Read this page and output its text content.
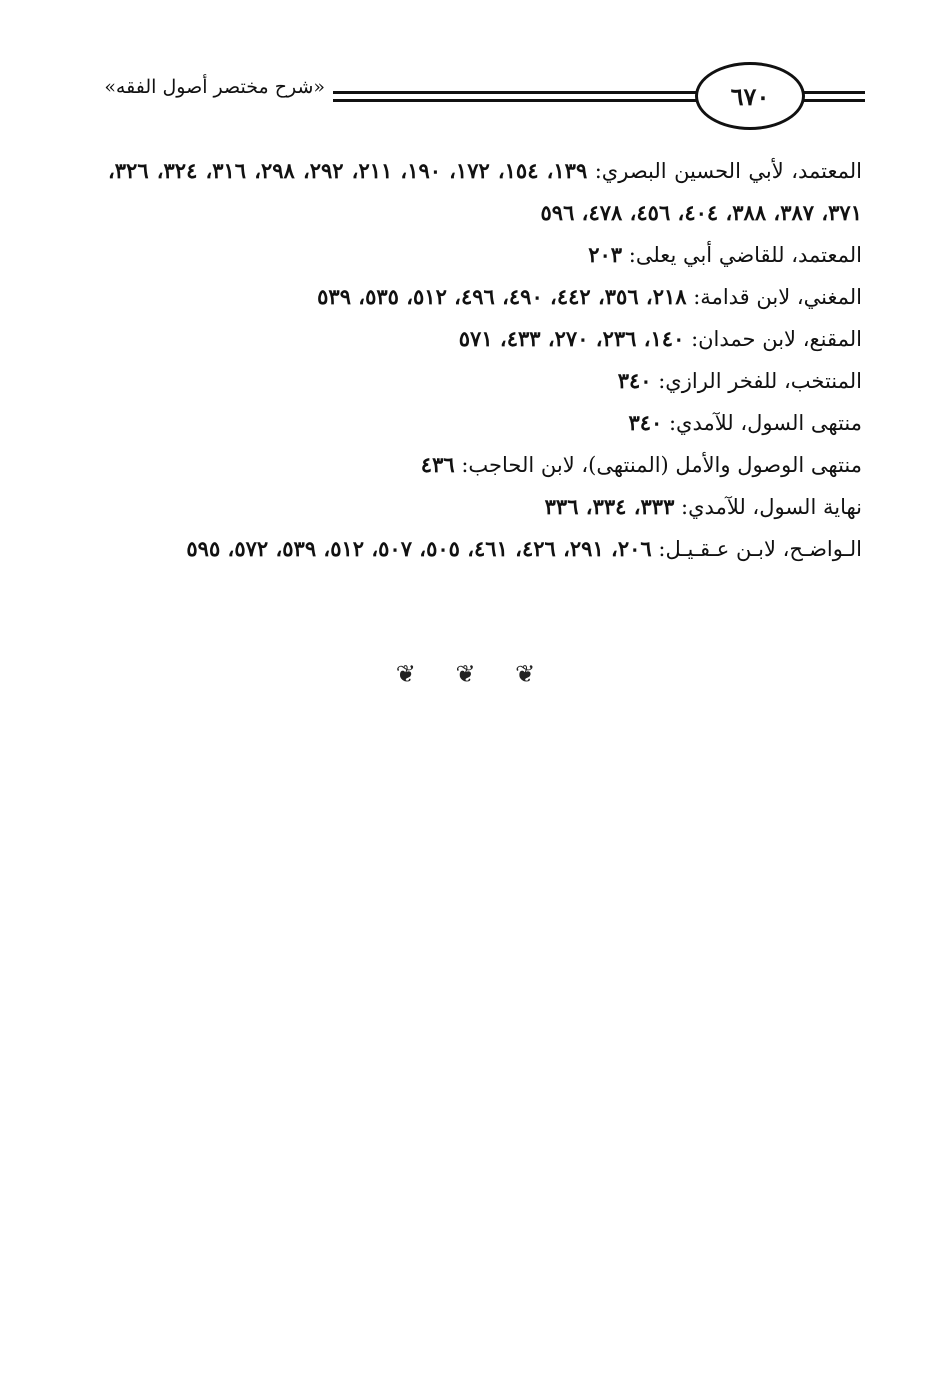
«شرح مختصر أصول الفقه»	٦٧٠
المعتمد، لأبي الحسين البصري: ١٣٩، ١٥٤، ١٧٢، ١٩٠، ٢١١، ٢٩٢، ٢٩٨، ٣١٦، ٣٢٤، ٣٢٦، ٣٧١، ٣٨٧، ٣٨٨، ٤٠٤، ٤٥٦، ٤٧٨، ٥٩٦
المعتمد، للقاضي أبي يعلى: ٢٠٣
المغني، لابن قدامة: ٢١٨، ٣٥٦، ٤٤٢، ٤٩٠، ٤٩٦، ٥١٢، ٥٣٥، ٥٣٩
المقنع، لابن حمدان: ١٤٠، ٢٣٦، ٢٧٠، ٤٣٣، ٥٧١
المنتخب، للفخر الرازي: ٣٤٠
منتهى السول، للآمدي: ٣٤٠
منتهى الوصول والأمل (المنتهى)، لابن الحاجب: ٤٣٦
نهاية السول، للآمدي: ٣٣٣، ٣٣٤، ٣٣٦
الـواضـح، لابـن عـقـيـل: ٢٠٦، ٢٩١، ٤٢٦، ٤٦١، ٥٠٥، ٥٠٧، ٥١٢، ٥٣٩، ٥٧٢، ٥٩٥
❦ ❦ ❦
